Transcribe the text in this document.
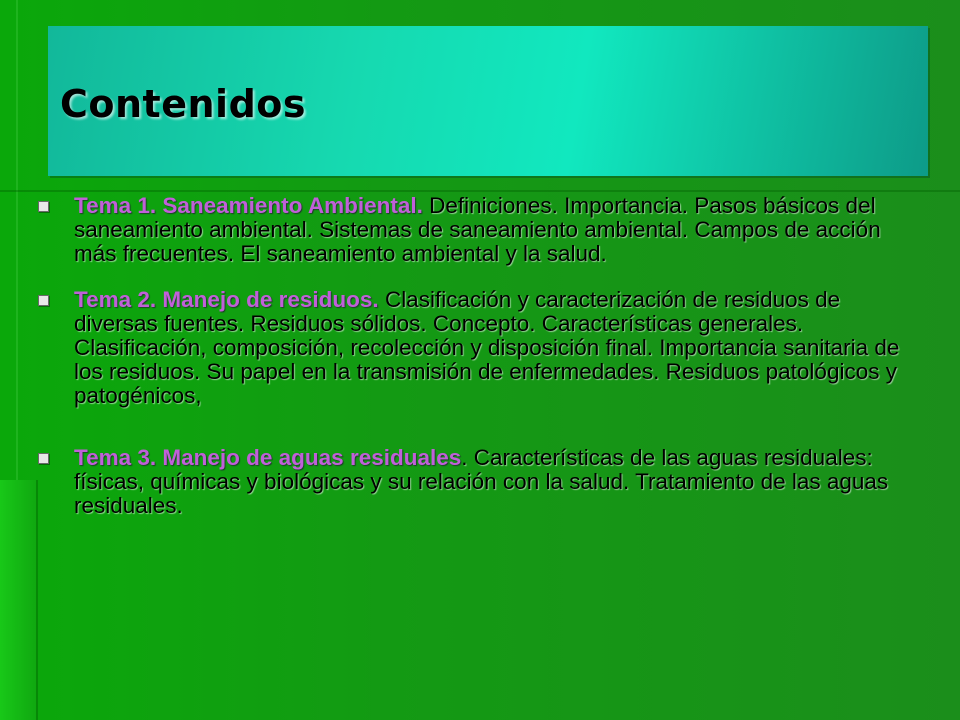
Contenidos

Tema 1. Saneamiento Ambiental. Definiciones. Importancia. Pasos básicos del saneamiento ambiental. Sistemas de saneamiento ambiental. Campos de acción más frecuentes. El saneamiento ambiental y la salud.

Tema 2. Manejo de residuos. Clasificación y caracterización de residuos de diversas fuentes. Residuos sólidos. Concepto. Características generales. Clasificación, composición, recolección y disposición final. Importancia sanitaria de los residuos. Su papel en la transmisión de enfermedades. Residuos patológicos y patogénicos,

Tema 3. Manejo de aguas residuales. Características de las aguas residuales: físicas, químicas y biológicas y su relación con la salud. Tratamiento de las aguas residuales.
